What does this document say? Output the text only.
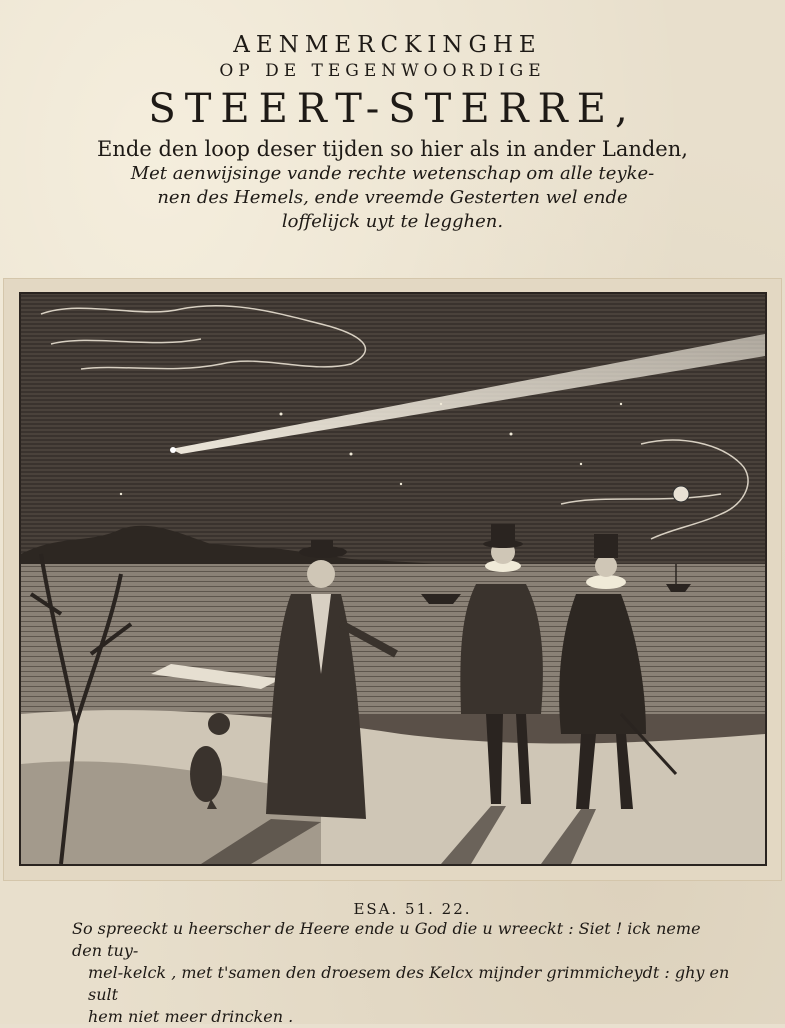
AENMERCKINGHE
OP DE TEGENWOORDIGE
STEERT-STERRE,
Ende den loop deser tijden so hier als in ander Landen,
Met aenwijsinge vande rechte wetenschap om alle teyke-
nen des Hemels, ende vreemde Gesterten wel ende
loffelijck uyt te legghen.
ESA. 51. 22.
So spreeckt u heerscher de Heere ende u God die u wreeckt : Siet ! ick neme den tuy-
mel-kelck , met t'samen den droesem des Kelcx mijnder grimmicheydt : ghy en sult
hem niet meer drincken .
